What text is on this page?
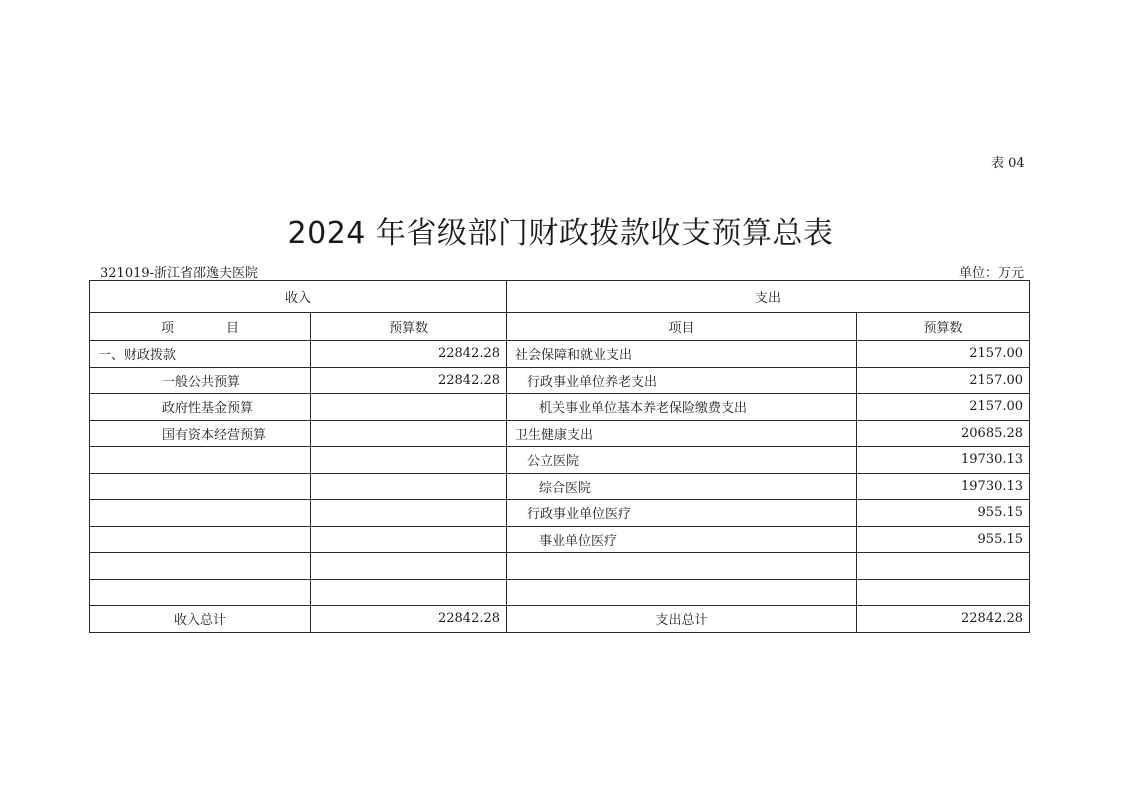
表 04
2024 年省级部门财政拨款收支预算总表
321019-浙江省邵逸夫医院	单位：万元
收入		支出	
项　　　　目	预算数	项目	预算数
一、财政拨款	22842.28	社会保障和就业支出	2157.00
一般公共预算	22842.28	行政事业单位养老支出	2157.00
政府性基金预算		机关事业单位基本养老保险缴费支出	2157.00
国有资本经营预算		卫生健康支出	20685.28
		公立医院	19730.13
		综合医院	19730.13
		行政事业单位医疗	955.15
		事业单位医疗	955.15

收入总计	22842.28	支出总计	22842.28
